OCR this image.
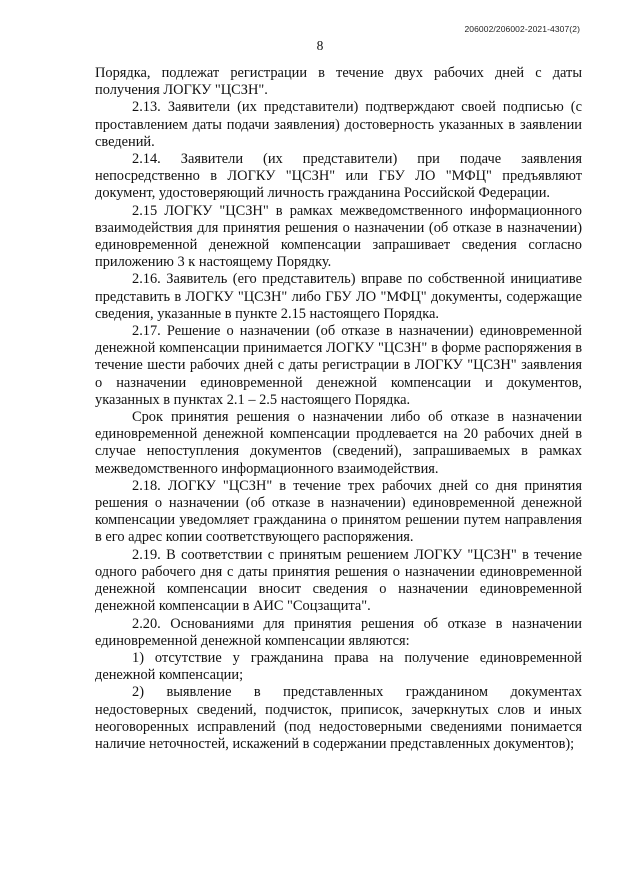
206002/206002-2021-4307(2)
8

Порядка, подлежат регистрации в течение двух рабочих дней с даты получения ЛОГКУ "ЦСЗН".

2.13. Заявители (их представители) подтверждают своей подписью (с проставлением даты подачи заявления) достоверность указанных в заявлении сведений.

2.14. Заявители (их представители) при подаче заявления непосредственно в ЛОГКУ "ЦСЗН" или ГБУ ЛО "МФЦ" предъявляют документ, удостоверяющий личность гражданина Российской Федерации.

2.15 ЛОГКУ "ЦСЗН" в рамках межведомственного информационного взаимодействия для принятия решения о назначении (об отказе в назначении) единовременной денежной компенсации запрашивает сведения согласно приложению 3 к настоящему Порядку.

2.16. Заявитель (его представитель) вправе по собственной инициативе представить в ЛОГКУ "ЦСЗН" либо ГБУ ЛО "МФЦ" документы, содержащие сведения, указанные в пункте 2.15 настоящего Порядка.

2.17. Решение о назначении (об отказе в назначении) единовременной денежной компенсации принимается ЛОГКУ "ЦСЗН" в форме распоряжения в течение шести рабочих дней с даты регистрации в ЛОГКУ "ЦСЗН" заявления о назначении единовременной денежной компенсации и документов, указанных в пунктах 2.1 – 2.5 настоящего Порядка.

Срок принятия решения о назначении либо об отказе в назначении единовременной денежной компенсации продлевается на 20 рабочих дней в случае непоступления документов (сведений), запрашиваемых в рамках межведомственного информационного взаимодействия.

2.18. ЛОГКУ "ЦСЗН" в течение трех рабочих дней со дня принятия решения о назначении (об отказе в назначении) единовременной денежной компенсации уведомляет гражданина о принятом решении путем направления в его адрес копии соответствующего распоряжения.

2.19. В соответствии с принятым решением ЛОГКУ "ЦСЗН" в течение одного рабочего дня с даты принятия решения о назначении единовременной денежной компенсации вносит сведения о назначении единовременной денежной компенсации в АИС "Соцзащита".

2.20. Основаниями для принятия решения об отказе в назначении единовременной денежной компенсации являются:

1) отсутствие у гражданина права на получение единовременной денежной компенсации;

2) выявление в представленных гражданином документах недостоверных сведений, подчисток, приписок, зачеркнутых слов и иных неоговоренных исправлений (под недостоверными сведениями понимается наличие неточностей, искажений в содержании представленных документов);
